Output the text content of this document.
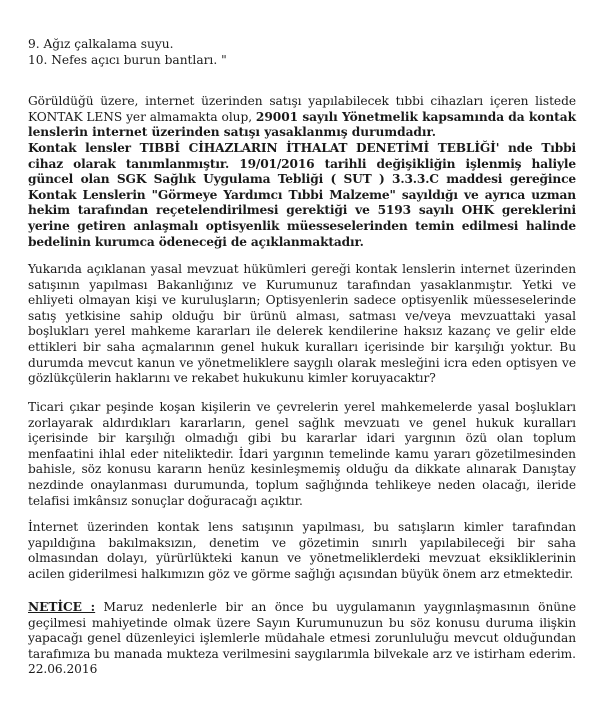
9. Ağız çalkalama suyu.
10. Nefes açıcı burun bantları. "
Görüldüğü üzere, internet üzerinden satışı yapılabilecek tıbbi cihazları içeren listede KONTAK LENS yer almamakta olup, 29001 sayılı Yönetmelik kapsamında da kontak lenslerin internet üzerinden satışı yasaklanmış durumdadır.
Kontak lensler TIBBİ CİHAZLARIN İTHALAT DENETİMİ TEBLİĞİ' nde Tıbbi cihaz olarak tanımlanmıştır. 19/01/2016 tarihli değişikliğin işlenmiş haliyle güncel olan SGK Sağlık Uygulama Tebliği ( SUT ) 3.3.3.C maddesi gereğince Kontak Lenslerin "Görmeye Yardımcı Tıbbi Malzeme" sayıldığı ve ayrıca uzman hekim tarafından reçetelendirilmesi gerektiği ve 5193 sayılı OHK gereklerini yerine getiren anlaşmalı optisyenlik müesseselerinden temin edilmesi halinde bedelinin kurumca ödeneceği de açıklanmaktadır.
Yukarıda açıklanan yasal mevzuat hükümleri gereği kontak lenslerin internet üzerinden satışının yapılması Bakanlığınız ve Kurumunuz tarafından yasaklanmıştır. Yetki ve ehliyeti olmayan kişi ve kuruluşların; Optisyenlerin sadece optisyenlik müesseselerinde satış yetkisine sahip olduğu bir ürünü alması, satması ve/veya mevzuattaki yasal boşlukları yerel mahkeme kararları ile delerek kendilerine haksız kazanç ve gelir elde ettikleri bir saha açmalarının genel hukuk kuralları içerisinde bir karşılığı yoktur. Bu durumda mevcut kanun ve yönetmeliklere saygılı olarak mesleğini icra eden optisyen ve gözlükçülerin haklarını ve rekabet hukukunu kimler koruyacaktır?
Ticari çıkar peşinde koşan kişilerin ve çevrelerin yerel mahkemelerde yasal boşlukları zorlayarak aldırdıkları kararların, genel sağlık mevzuatı ve genel hukuk kuralları içerisinde bir karşılığı olmadığı gibi bu kararlar idari yargının özü olan toplum menfaatini ihlal eder niteliktedir. İdari yargının temelinde kamu yararı gözetilmesinden bahisle, söz konusu kararın henüz kesinleşmemiş olduğu da dikkate alınarak Danıştay nezdinde onaylanması durumunda, toplum sağlığında tehlikeye neden olacağı, ileride telafisi imkânsız sonuçlar doğuracağı açıktır.
İnternet üzerinden kontak lens satışının yapılması, bu satışların kimler tarafından yapıldığına bakılmaksızın, denetim ve gözetimin sınırlı yapılabileceği bir saha olmasından dolayı, yürürlükteki kanun ve yönetmeliklerdeki mevzuat eksikliklerinin acilen giderilmesi halkımızın göz ve görme sağlığı açısından büyük önem arz etmektedir.
NETİCE : Maruz nedenlerle bir an önce bu uygulamanın yaygınlaşmasının önüne geçilmesi mahiyetinde olmak üzere Sayın Kurumunuzun bu söz konusu duruma ilişkin yapacağı genel düzenleyici işlemlerle müdahale etmesi zorunluluğu mevcut olduğundan tarafımıza bu manada mukteza verilmesini saygılarımla bilvekale arz ve istirham ederim. 22.06.2016
